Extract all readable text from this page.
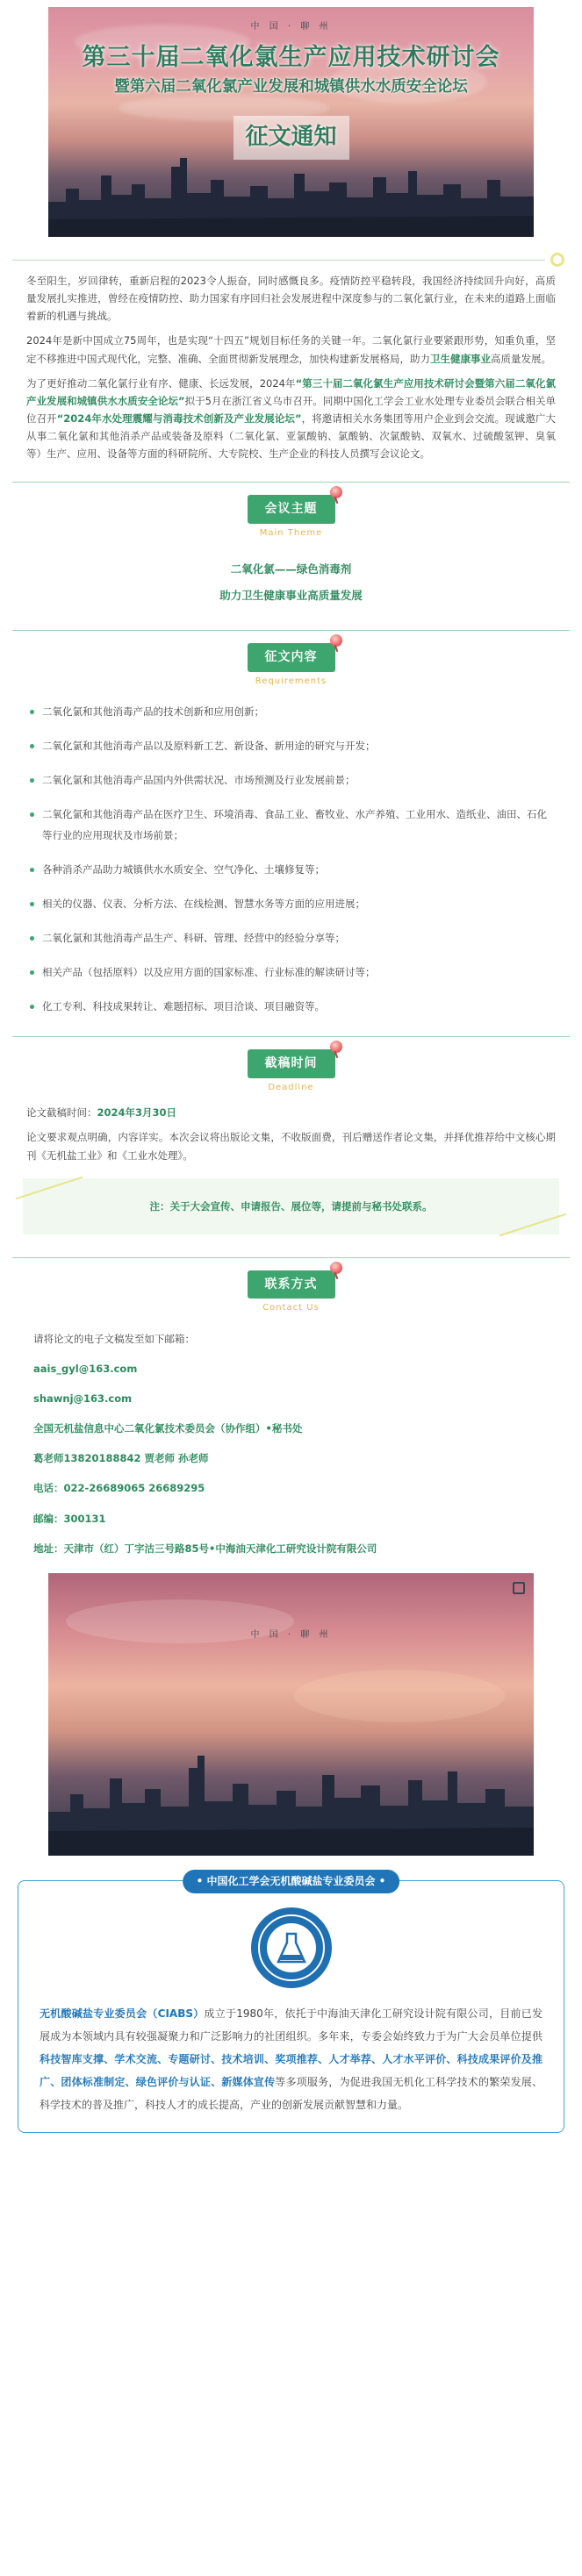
中 国 · 聊 州
第三十届二氧化氯生产应用技术研讨会
暨第六届二氧化氯产业发展和城镇供水水质安全论坛
征文通知

冬至阳生，岁回律转，重新启程的2023令人振奋，同时感慨良多。疫情防控平稳转段，我国经济持续回升向好，高质量发展扎实推进，曾经在疫情防控、助力国家有序回归社会发展进程中深度参与的二氧化氯行业，在未来的道路上面临着新的机遇与挑战。

2024年是新中国成立75周年，也是实现“十四五”规划目标任务的关键一年。二氧化氯行业要紧跟形势，知重负重，坚定不移推进中国式现代化，完整、准确、全面贯彻新发展理念，加快构建新发展格局，助力卫生健康事业高质量发展。

为了更好推动二氧化氯行业有序、健康、长远发展，2024年“第三十届二氧化氯生产应用技术研讨会暨第六届二氧化氯产业发展和城镇供水水质安全论坛”拟于5月在浙江省义乌市召开。同期中国化工学会工业水处理专业委员会联合相关单位召开“2024年水处理震耀与消毒技术创新及产业发展论坛”，将邀请相关水务集团等用户企业到会交流。现诚邀广大从事二氧化氯和其他消杀产品或装备及原料（二氧化氯、亚氯酸钠、氯酸钠、次氯酸钠、双氧水、过硫酸氢钾、臭氧等）生产、应用、设备等方面的科研院所、大专院校、生产企业的科技人员撰写会议论文。

会议主题
Main Theme
二氧化氯——绿色消毒剂
助力卫生健康事业高质量发展
征文内容
Requirements
二氧化氯和其他消毒产品的技术创新和应用创新；
二氧化氯和其他消毒产品以及原料新工艺、新设备、新用途的研究与开发；
二氧化氯和其他消毒产品国内外供需状况、市场预测及行业发展前景；
二氧化氯和其他消毒产品在医疗卫生、环境消毒、食品工业、畜牧业、水产养殖、工业用水、造纸业、油田、石化等行业的应用现状及市场前景；
各种消杀产品助力城镇供水水质安全、空气净化、土壤修复等；
相关的仪器、仪表、分析方法、在线检测、智慧水务等方面的应用进展；
二氧化氯和其他消毒产品生产、科研、管理、经营中的经验分享等；
相关产品（包括原料）以及应用方面的国家标准、行业标准的解读研讨等；
化工专利、科技成果转让、难题招标、项目洽谈、项目融资等。
截稿时间
Deadline

论文截稿时间：2024年3月30日

论文要求观点明确，内容详实。本次会议将出版论文集，不收版面费，刊后赠送作者论文集，并择优推荐给中文核心期刊《无机盐工业》和《工业水处理》。

注：关于大会宣传、申请报告、展位等，请提前与秘书处联系。
联系方式
Contact Us

请将论文的电子文稿发至如下邮箱：

aais_gyl@163.com

shawnj@163.com

全国无机盐信息中心二氧化氯技术委员会（协作组）•秘书处

葛老师13820188842 贾老师 孙老师

电话：022-26689065 26689295

邮编：300131

地址：天津市（红）丁字沽三号路85号•中海油天津化工研究设计院有限公司

中 国 · 聊 州
• 中国化工学会无机酸碱盐专业委员会 •
无机酸碱盐专业委员会（CIABS）成立于1980年，依托于中海油天津化工研究设计院有限公司，目前已发展成为本领域内具有较强凝聚力和广泛影响力的社团组织。多年来，专委会始终致力于为广大会员单位提供科技智库支撑、学术交流、专题研讨、技术培训、奖项推荐、人才举荐、人才水平评价、科技成果评价及推广、团体标准制定、绿色评价与认证、新媒体宣传等多项服务，为促进我国无机化工科学技术的繁荣发展、科学技术的普及推广，科技人才的成长提高，产业的创新发展贡献智慧和力量。
